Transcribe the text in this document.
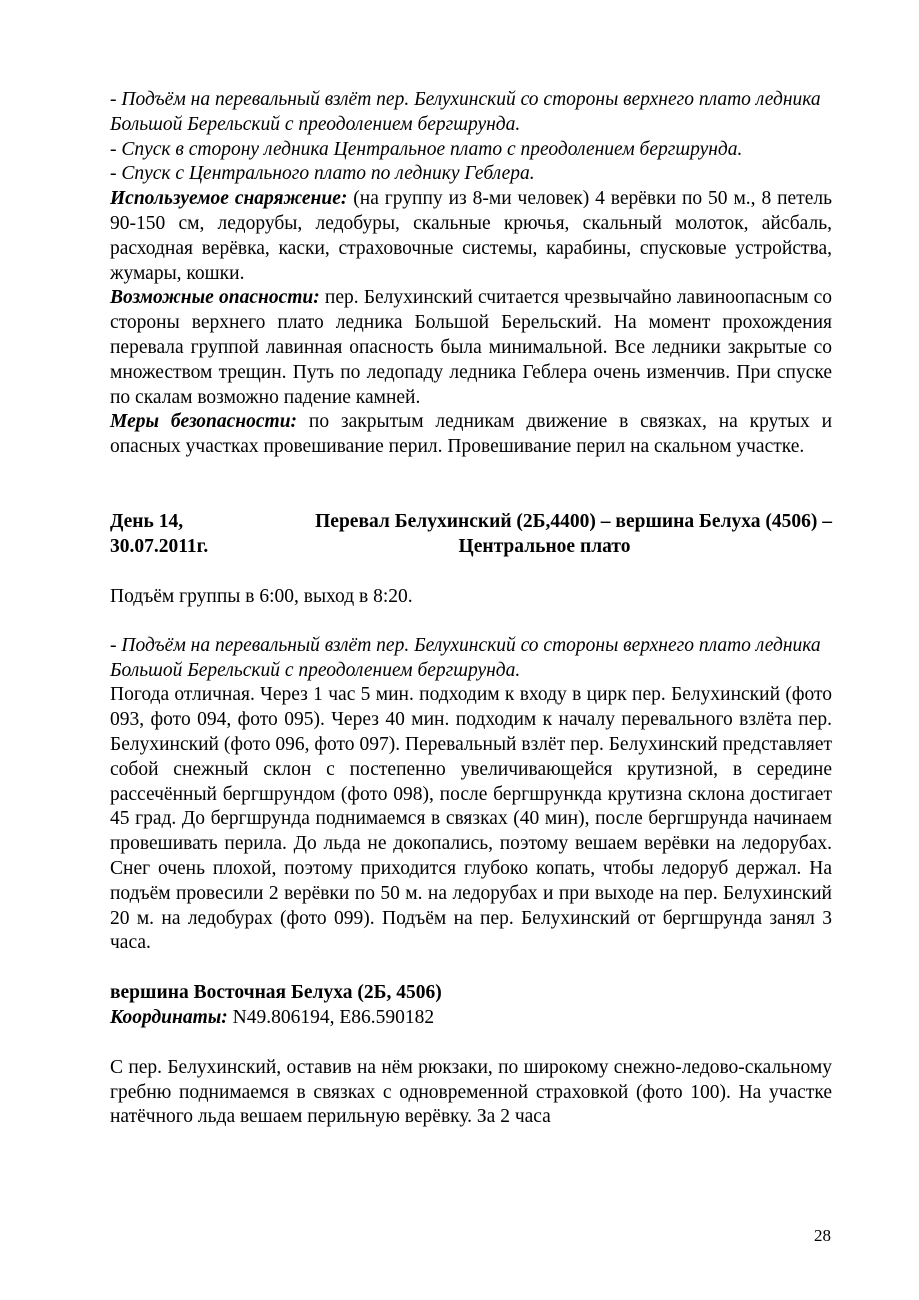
- Подъём на перевальный взлёт пер. Белухинский со стороны верхнего плато ледника Большой Берельский с преодолением бергшрунда.

- Спуск в сторону ледника Центральное плато с преодолением бергшрунда.

- Спуск с Центрального плато по леднику Геблера.

Используемое снаряжение: (на группу из 8-ми человек) 4 верёвки по 50 м., 8 петель 90-150 см, ледорубы, ледобуры, скальные крючья, скальный молоток, айсбаль, расходная верёвка, каски, страховочные системы, карабины, спусковые устройства, жумары, кошки.

Возможные опасности: пер. Белухинский считается чрезвычайно лавиноопасным со стороны верхнего плато ледника Большой Берельский. На момент прохождения перевала группой лавинная опасность была минимальной. Все ледники закрытые со множеством трещин. Путь по ледопаду ледника Геблера очень изменчив. При спуске по скалам возможно падение камней.

Меры безопасности: по закрытым ледникам движение в связках, на крутых и опасных участках провешивание перил. Провешивание перил на скальном участке.

День 14,	Перевал Белухинский (2Б,4400) – вершина Белуха (4506) –
30.07.2011г.	Центральное плато

Подъём группы в 6:00, выход в 8:20.

- Подъём на перевальный взлёт пер. Белухинский со стороны верхнего плато ледника Большой Берельский с преодолением бергшрунда.

Погода отличная. Через 1 час 5 мин. подходим к входу в цирк пер. Белухинский (фото 093, фото 094, фото 095). Через 40 мин. подходим к началу перевального взлёта пер. Белухинский (фото 096, фото 097). Перевальный взлёт пер. Белухинский представляет собой снежный склон с постепенно увеличивающейся крутизной, в середине рассечённый бергшрундом (фото 098), после бергшрункда крутизна склона достигает 45 град. До бергшрунда поднимаемся в связках (40 мин), после бергшрунда начинаем провешивать перила. До льда не докопались, поэтому вешаем верёвки на ледорубах. Снег очень плохой, поэтому приходится глубоко копать, чтобы ледоруб держал. На подъём провесили 2 верёвки по 50 м. на ледорубах и при выходе на пер. Белухинский 20 м. на ледобурах (фото 099). Подъём на пер. Белухинский от бергшрунда занял 3 часа.

вершина Восточная Белуха (2Б, 4506)

Координаты: N49.806194, E86.590182

С пер. Белухинский, оставив на нём рюкзаки, по широкому снежно-ледово-скальному гребню поднимаемся в связках с одновременной страховкой (фото 100). На участке натёчного льда вешаем перильную верёвку. За 2 часа

28
